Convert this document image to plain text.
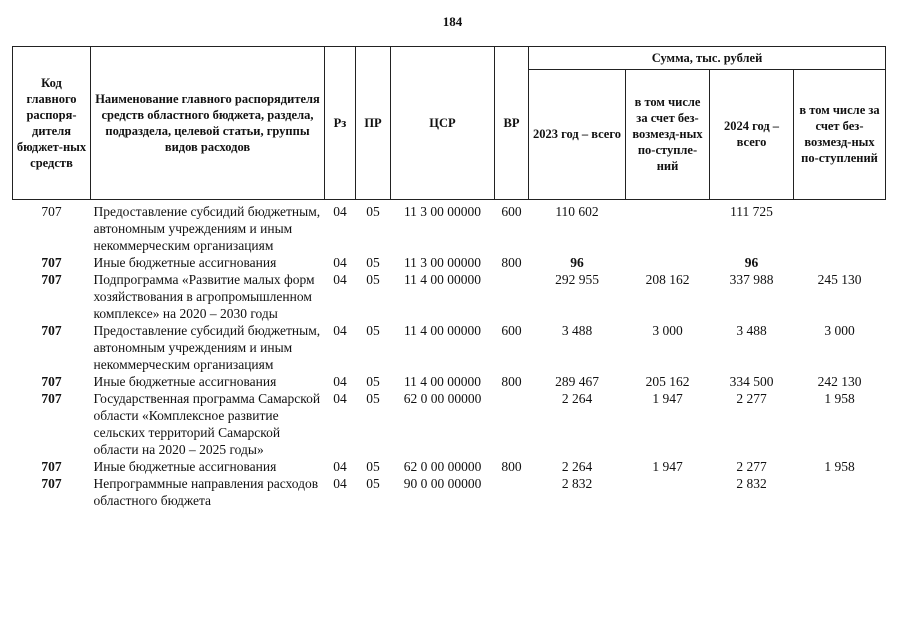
184
Код главного распоря-дителя бюджет-ных средств	Наименование главного распорядителя средств областного бюджета, раздела, подраздела, целевой статьи, группы видов расходов	Рз	ПР	ЦСР	ВР	Сумма, тыс. рублей			
						2023 год – всего	в том числе за счет без-возмезд-ных по-ступле-ний	2024 год – всего	в том числе за счет без-возмезд-ных по-ступлений
707	Предоставление субсидий бюджетным, автономным учреждениям и иным некоммерческим организациям	04	05	11 3 00 00000	600	110 602		111 725	
707	Иные бюджетные ассигнования	04	05	11 3 00 00000	800	96		96	
707	Подпрограмма «Развитие малых форм хозяйствования в агропромышленном комплексе» на 2020 – 2030 годы	04	05	11 4 00 00000		292 955	208 162	337 988	245 130
707	Предоставление субсидий бюджетным, автономным учреждениям и иным некоммерческим организациям	04	05	11 4 00 00000	600	3 488	3 000	3 488	3 000
707	Иные бюджетные ассигнования	04	05	11 4 00 00000	800	289 467	205 162	334 500	242 130
707	Государственная программа Самарской области «Комплексное развитие сельских территорий Самарской области на 2020 – 2025 годы»	04	05	62 0 00 00000		2 264	1 947	2 277	1 958
707	Иные бюджетные ассигнования	04	05	62 0 00 00000	800	2 264	1 947	2 277	1 958
707	Непрограммные направления расходов областного бюджета	04	05	90 0 00 00000		2 832		2 832	
